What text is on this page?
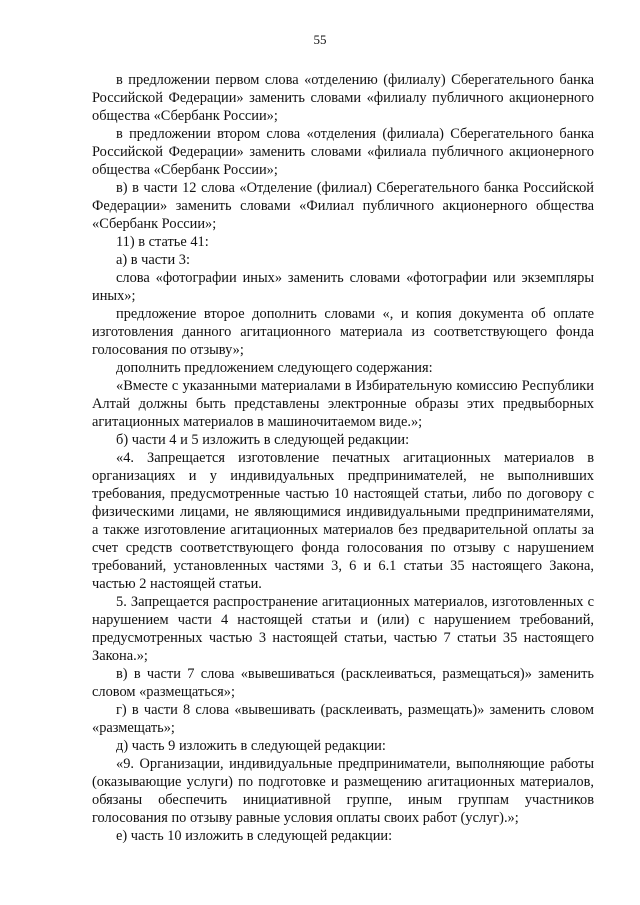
55

в предложении первом слова «отделению (филиалу) Сберегательного банка Российской Федерации» заменить словами «филиалу публичного акционерного общества «Сбербанк России»;

в предложении втором слова «отделения (филиала) Сберегательного банка Российской Федерации» заменить словами «филиала публичного акционерного общества «Сбербанк России»;

в) в части 12 слова «Отделение (филиал) Сберегательного банка Российской Федерации» заменить словами «Филиал публичного акционерного общества «Сбербанк России»;

11) в статье 41:

а) в части 3:

слова «фотографии иных» заменить словами «фотографии или экземпляры иных»;

предложение второе дополнить словами «, и копия документа об оплате изготовления данного агитационного материала из соответствующего фонда голосования по отзыву»;

дополнить предложением следующего содержания:

«Вместе с указанными материалами в Избирательную комиссию Республики Алтай должны быть представлены электронные образы этих предвыборных агитационных материалов в машиночитаемом виде.»;

б) части 4 и 5 изложить в следующей редакции:

«4. Запрещается изготовление печатных агитационных материалов в организациях и у индивидуальных предпринимателей, не выполнивших требования, предусмотренные частью 10 настоящей статьи, либо по договору с физическими лицами, не являющимися индивидуальными предпринимателями, а также изготовление агитационных материалов без предварительной оплаты за счет средств соответствующего фонда голосования по отзыву с нарушением требований, установленных частями 3, 6 и 6.1 статьи 35 настоящего Закона, частью 2 настоящей статьи.

5. Запрещается распространение агитационных материалов, изготовленных с нарушением части 4 настоящей статьи и (или) с нарушением требований, предусмотренных частью 3 настоящей статьи, частью 7 статьи 35 настоящего Закона.»;

в) в части 7 слова «вывешиваться (расклеиваться, размещаться)» заменить словом «размещаться»;

г) в части 8 слова «вывешивать (расклеивать, размещать)» заменить словом «размещать»;

д) часть 9 изложить в следующей редакции:

«9. Организации, индивидуальные предприниматели, выполняющие работы (оказывающие услуги) по подготовке и размещению агитационных материалов, обязаны обеспечить инициативной группе, иным группам участников голосования по отзыву равные условия оплаты своих работ (услуг).»;

е) часть 10 изложить в следующей редакции:
